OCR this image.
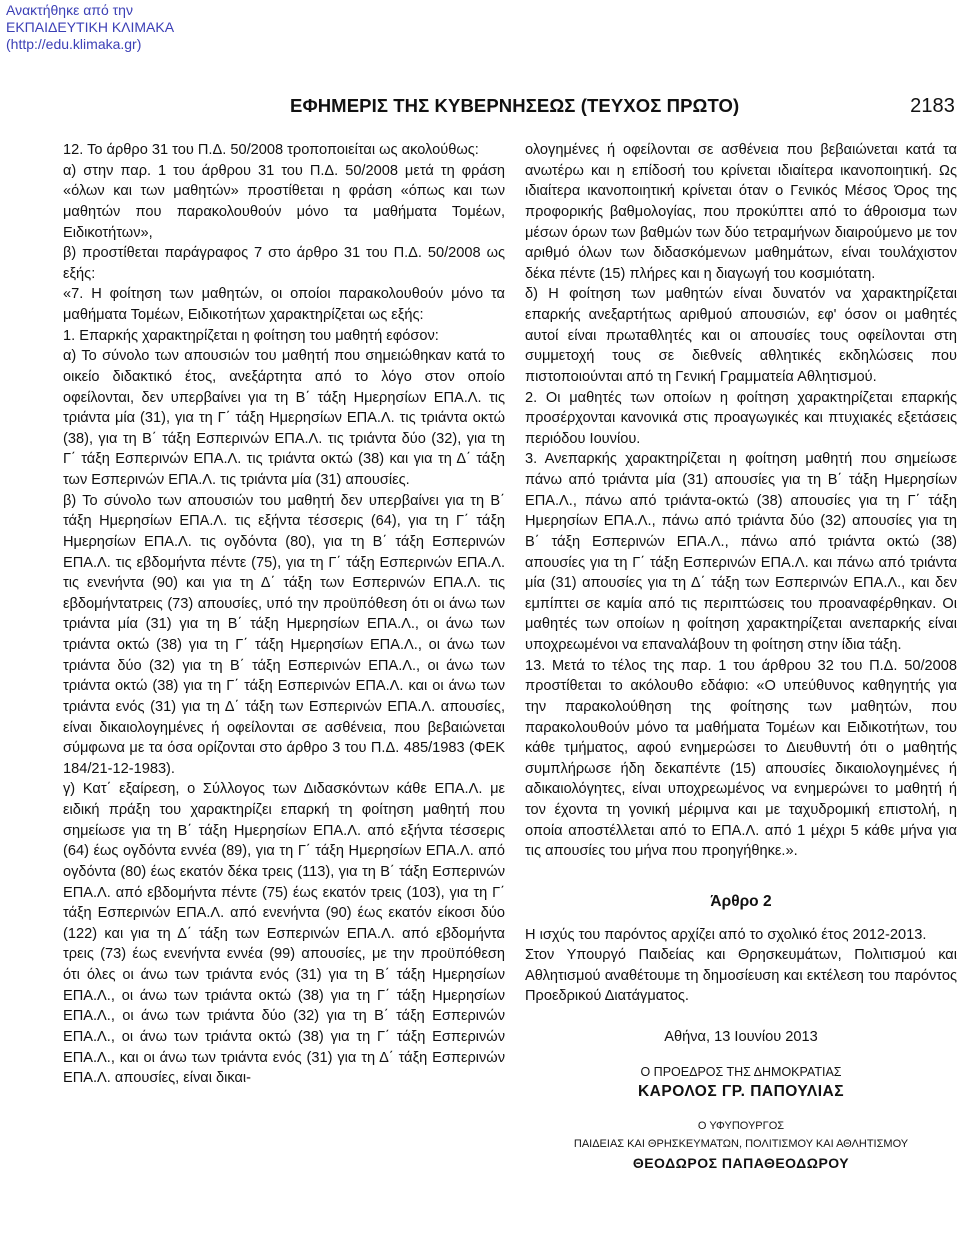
Ανακτήθηκε από την
ΕΚΠΑΙΔΕΥΤΙΚΗ ΚΛΙΜΑΚΑ
(http://edu.klimaka.gr)
ΕΦΗΜΕΡΙΣ ΤΗΣ ΚΥΒΕΡΝΗΣΕΩΣ (ΤΕΥΧΟΣ ΠΡΩΤΟ)	2183

12. Το άρθρο 31 του Π.Δ. 50/2008 τροποποιείται ως ακολούθως:

α) στην παρ. 1 του άρθρου 31 του Π.Δ. 50/2008 μετά τη φράση «όλων και των μαθητών» προστίθεται η φράση «όπως και των μαθητών που παρακολουθούν μόνο τα μαθήματα Τομέων, Ειδικοτήτων»,

β) προστίθεται παράγραφος 7 στο άρθρο 31 του Π.Δ. 50/2008 ως εξής:

«7. Η φοίτηση των μαθητών, οι οποίοι παρακολουθούν μόνο τα μαθήματα Τομέων, Ειδικοτήτων χαρακτηρίζεται ως εξής:

1. Επαρκής χαρακτηρίζεται η φοίτηση του μαθητή εφόσον:

α) Το σύνολο των απουσιών του μαθητή που σημειώθηκαν κατά το οικείο διδακτικό έτος, ανεξάρτητα από το λόγο στον οποίο οφείλονται, δεν υπερβαίνει για τη Β΄ τάξη Ημερησίων ΕΠΑ.Λ. τις τριάντα μία (31), για τη Γ΄ τάξη Ημερησίων ΕΠΑ.Λ. τις τριάντα οκτώ (38), για τη Β΄ τάξη Εσπερινών ΕΠΑ.Λ. τις τριάντα δύο (32), για τη Γ΄ τάξη Εσπερινών ΕΠΑ.Λ. τις τριάντα οκτώ (38) και για τη Δ΄ τάξη των Εσπερινών ΕΠΑ.Λ. τις τριάντα μία (31) απουσίες.

β) Το σύνολο των απουσιών του μαθητή δεν υπερβαίνει για τη Β΄ τάξη Ημερησίων ΕΠΑ.Λ. τις εξήντα τέσσερις (64), για τη Γ΄ τάξη Ημερησίων ΕΠΑ.Λ. τις ογδόντα (80), για τη Β΄ τάξη Εσπερινών ΕΠΑ.Λ. τις εβδομήντα πέντε (75), για τη Γ΄ τάξη Εσπερινών ΕΠΑ.Λ. τις ενενήντα (90) και για τη Δ΄ τάξη των Εσπερινών ΕΠΑ.Λ. τις εβδομήντατρεις (73) απουσίες, υπό την προϋπόθεση ότι οι άνω των τριάντα μία (31) για τη Β΄ τάξη Ημερησίων ΕΠΑ.Λ., οι άνω των τριάντα οκτώ (38) για τη Γ΄ τάξη Ημερησίων ΕΠΑ.Λ., οι άνω των τριάντα δύο (32) για τη Β΄ τάξη Εσπερινών ΕΠΑ.Λ., οι άνω των τριάντα οκτώ (38) για τη Γ΄ τάξη Εσπερινών ΕΠΑ.Λ. και οι άνω των τριάντα ενός (31) για τη Δ΄ τάξη των Εσπερινών ΕΠΑ.Λ. απουσίες, είναι δικαιολογημένες ή οφείλονται σε ασθένεια, που βεβαιώνεται σύμφωνα με τα όσα ορίζονται στο άρθρο 3 του Π.Δ. 485/1983 (ΦΕΚ 184/21-12-1983).

γ) Κατ΄ εξαίρεση, ο Σύλλογος των Διδασκόντων κάθε ΕΠΑ.Λ. με ειδική πράξη του χαρακτηρίζει επαρκή τη φοίτηση μαθητή που σημείωσε για τη Β΄ τάξη Ημερησίων ΕΠΑ.Λ. από εξήντα τέσσερις (64) έως ογδόντα εννέα (89), για τη Γ΄ τάξη Ημερησίων ΕΠΑ.Λ. από ογδόντα (80) έως εκατόν δέκα τρεις (113), για τη Β΄ τάξη Εσπερινών ΕΠΑ.Λ. από εβδομήντα πέντε (75) έως εκατόν τρεις (103), για τη Γ΄ τάξη Εσπερινών ΕΠΑ.Λ. από ενενήντα (90) έως εκατόν είκοσι δύο (122) και για τη Δ΄ τάξη των Εσπερινών ΕΠΑ.Λ. από εβδομήντα τρεις (73) έως ενενήντα εννέα (99) απουσίες, με την προϋπόθεση ότι όλες οι άνω των τριάντα ενός (31) για τη Β΄ τάξη Ημερησίων ΕΠΑ.Λ., οι άνω των τριάντα οκτώ (38) για τη Γ΄ τάξη Ημερησίων ΕΠΑ.Λ., οι άνω των τριάντα δύο (32) για τη Β΄ τάξη Εσπερινών ΕΠΑ.Λ., οι άνω των τριάντα οκτώ (38) για τη Γ΄ τάξη Εσπερινών ΕΠΑ.Λ., και οι άνω των τριάντα ενός (31) για τη Δ΄ τάξη Εσπερινών ΕΠΑ.Λ. απουσίες, είναι δικαι-

ολογημένες ή οφείλονται σε ασθένεια που βεβαιώνεται κατά τα ανωτέρω και η επίδοσή του κρίνεται ιδιαίτερα ικανοποιητική. Ως ιδιαίτερα ικανοποιητική κρίνεται όταν ο Γενικός Μέσος Όρος της προφορικής βαθμολογίας, που προκύπτει από το άθροισμα των μέσων όρων των βαθμών των δύο τετραμήνων διαιρούμενο με τον αριθμό όλων των διδασκόμενων μαθημάτων, είναι τουλάχιστον δέκα πέντε (15) πλήρες και η διαγωγή του κοσμιότατη.

δ) Η φοίτηση των μαθητών είναι δυνατόν να χαρακτηρίζεται επαρκής ανεξαρτήτως αριθμού απουσιών, εφ' όσον οι μαθητές αυτοί είναι πρωταθλητές και οι απουσίες τους οφείλονται στη συμμετοχή τους σε διεθνείς αθλητικές εκδηλώσεις που πιστοποιούνται από τη Γενική Γραμματεία Αθλητισμού.

2. Οι μαθητές των οποίων η φοίτηση χαρακτηρίζεται επαρκής προσέρχονται κανονικά στις προαγωγικές και πτυχιακές εξετάσεις περιόδου Ιουνίου.

3. Ανεπαρκής χαρακτηρίζεται η φοίτηση μαθητή που σημείωσε πάνω από τριάντα μία (31) απουσίες για τη Β΄ τάξη Ημερησίων ΕΠΑ.Λ., πάνω από τριάντα-οκτώ (38) απουσίες για τη Γ΄ τάξη Ημερησίων ΕΠΑ.Λ., πάνω από τριάντα δύο (32) απουσίες για τη Β΄ τάξη Εσπερινών ΕΠΑ.Λ., πάνω από τριάντα οκτώ (38) απουσίες για τη Γ΄ τάξη Εσπερινών ΕΠΑ.Λ. και πάνω από τριάντα μία (31) απουσίες για τη Δ΄ τάξη των Εσπερινών ΕΠΑ.Λ., και δεν εμπίπτει σε καμία από τις περιπτώσεις του προαναφέρθηκαν. Οι μαθητές των οποίων η φοίτηση χαρακτηρίζεται ανεπαρκής είναι υποχρεωμένοι να επαναλάβουν τη φοίτηση στην ίδια τάξη.

13. Μετά το τέλος της παρ. 1 του άρθρου 32 του Π.Δ. 50/2008 προστίθεται το ακόλουθο εδάφιο: «Ο υπεύθυνος καθηγητής για την παρακολούθηση της φοίτησης των μαθητών, που παρακολουθούν μόνο τα μαθήματα Τομέων και Ειδικοτήτων, του κάθε τμήματος, αφού ενημερώσει το Διευθυντή ότι ο μαθητής συμπλήρωσε ήδη δεκαπέντε (15) απουσίες δικαιολογημένες ή αδικαιολόγητες, είναι υποχρεωμένος να ενημερώνει το μαθητή ή τον έχοντα τη γονική μέριμνα και με ταχυδρομική επιστολή, η οποία αποστέλλεται από το ΕΠΑ.Λ. από 1 μέχρι 5 κάθε μήνα για τις απουσίες του μήνα που προηγήθηκε.».

Άρθρο 2

Η ισχύς του παρόντος αρχίζει από το σχολικό έτος 2012-2013.

Στον Υπουργό Παιδείας και Θρησκευμάτων, Πολιτισμού και Αθλητισμού αναθέτουμε τη δημοσίευση και εκτέλεση του παρόντος Προεδρικού Διατάγματος.

Αθήνα, 13 Ιουνίου 2013

Ο ΠΡΟΕΔΡΟΣ ΤΗΣ ΔΗΜΟΚΡΑΤΙΑΣ

ΚΑΡΟΛΟΣ ΓΡ. ΠΑΠΟΥΛΙΑΣ

Ο ΥΦΥΠΟΥΡΓΟΣ

ΠΑΙΔΕΙΑΣ ΚΑΙ ΘΡΗΣΚΕΥΜΑΤΩΝ, ΠΟΛΙΤΙΣΜΟΥ ΚΑΙ ΑΘΛΗΤΙΣΜΟΥ

ΘΕΟΔΩΡΟΣ ΠΑΠΑΘΕΟΔΩΡΟΥ
